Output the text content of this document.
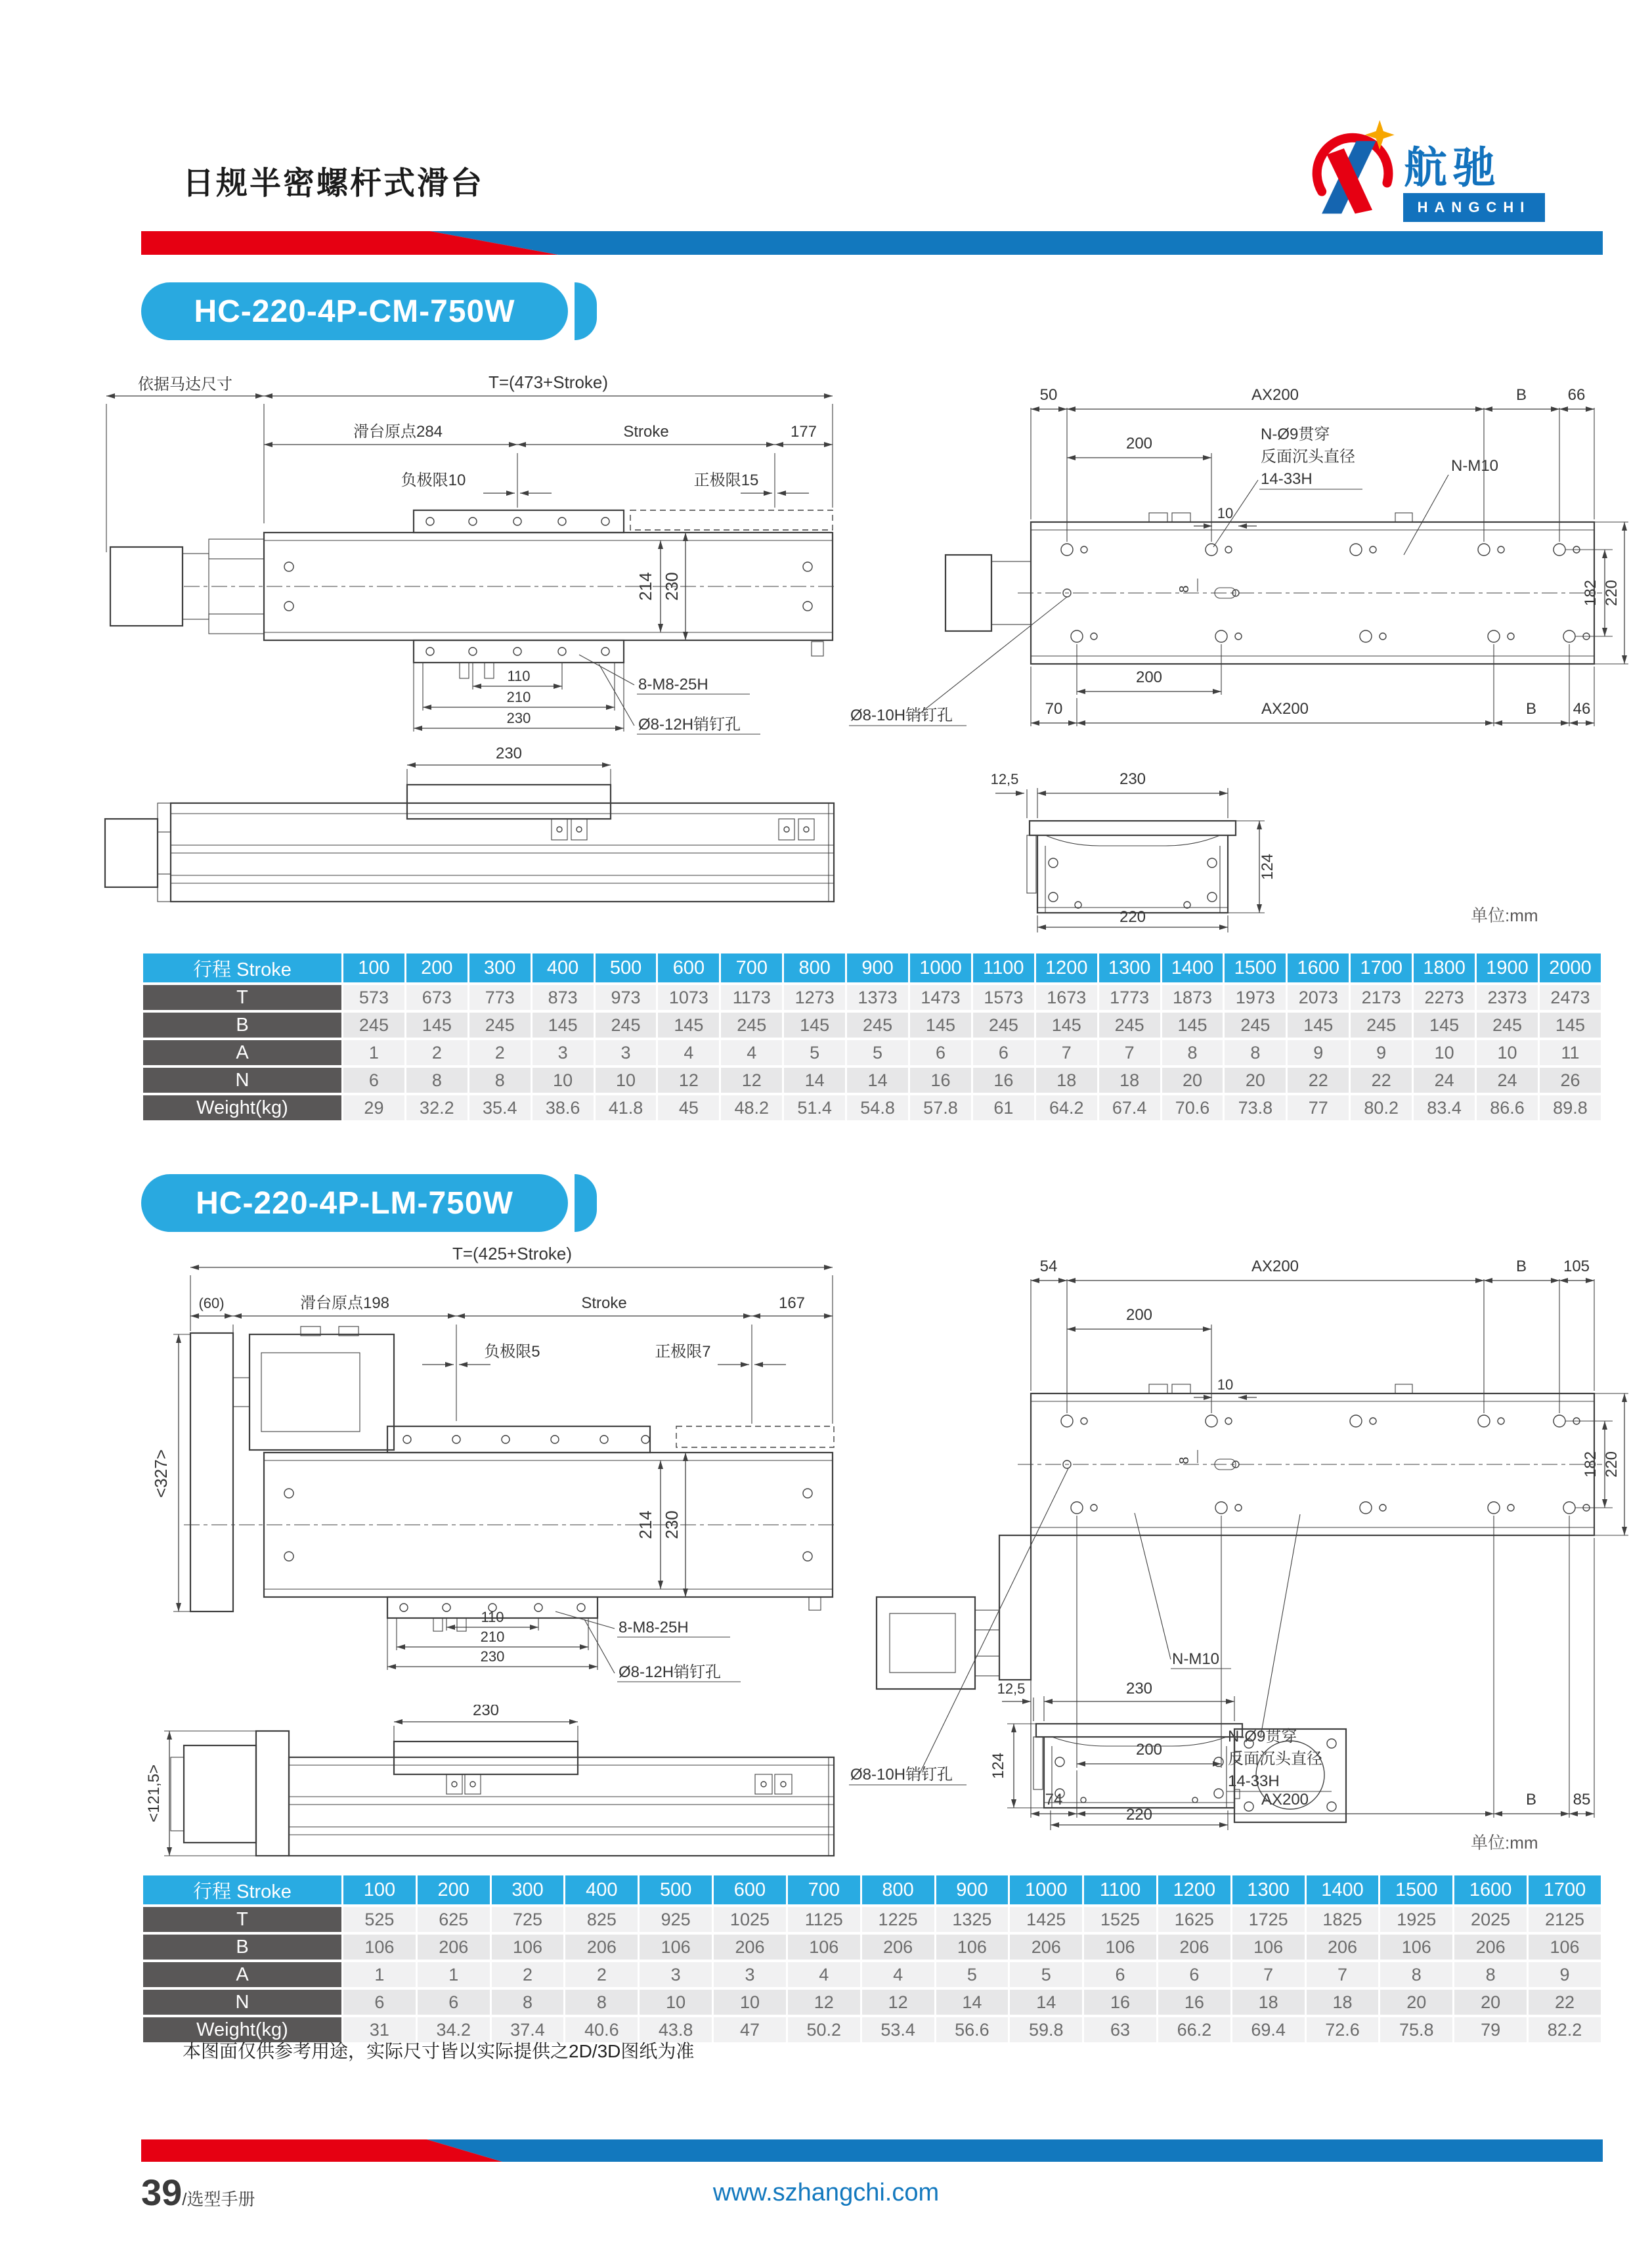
日规半密螺杆式滑台	航驰
HANGCHI
HC-220-4P-CM-750W
依据马达尺寸	T=(473+Stroke)
滑台原点284	Stroke	177
负极限10	正极限15
214 230
110
210
230
8-M8-25H
Ø8-12H销钉孔
50	AX200	B	66
200
N-Ø9贯穿
反面沉头直径
14-33H
N-M10
10
8	182 220
200
70	AX200	B 46
Ø8-10H销钉孔
230
12,5	230
124
220	单位:mm
行程 Stroke	100	200	300	400	500	600	700	800	900	1000	1100	1200	1300	1400	1500	1600	1700	1800	1900	2000
T	573	673	773	873	973	1073	1173	1273	1373	1473	1573	1673	1773	1873	1973	2073	2173	2273	2373	2473
B	245	145	245	145	245	145	245	145	245	145	245	145	245	145	245	145	245	145	245	145
A	1	2	2	3	3	4	4	5	5	6	6	7	7	8	8	9	9	10	10	11
N	6	8	8	10	10	12	12	14	14	16	16	18	18	20	20	22	22	24	24	26
Weight(kg)	29	32.2	35.4	38.6	41.8	45	48.2	51.4	54.8	57.8	61	64.2	67.4	70.6	73.8	77	80.2	83.4	86.6	89.8
HC-220-4P-LM-750W
T=(425+Stroke)
(60)	滑台原点198	Stroke	167
负极限5	正极限7
<327>
214 230
110
210
230
8-M8-25H
Ø8-12H销钉孔
54	AX200	B 105
200
10
8	182 220
N-M10
N-Ø9贯穿
反面沉头直径
14-33H
200
74	AX200	B 85
Ø8-10H销钉孔
230
<121,5>
12,5	230
124
220
单位:mm
行程 Stroke	100	200	300	400	500	600	700	800	900	1000	1100	1200	1300	1400	1500	1600	1700
T	525	625	725	825	925	1025	1125	1225	1325	1425	1525	1625	1725	1825	1925	2025	2125
B	106	206	106	206	106	206	106	206	106	206	106	206	106	206	106	206	106
A	1	1	2	2	3	3	4	4	5	5	6	6	7	7	8	8	9
N	6	6	8	8	10	10	12	12	14	14	16	16	18	18	20	20	22
Weight(kg)	31	34.2	37.4	40.6	43.8	47	50.2	53.4	56.6	59.8	63	66.2	69.4	72.6	75.8	79	82.2
本图面仅供参考用途，实际尺寸皆以实际提供之2D/3D图纸为准
39/选型手册	www.szhangchi.com
